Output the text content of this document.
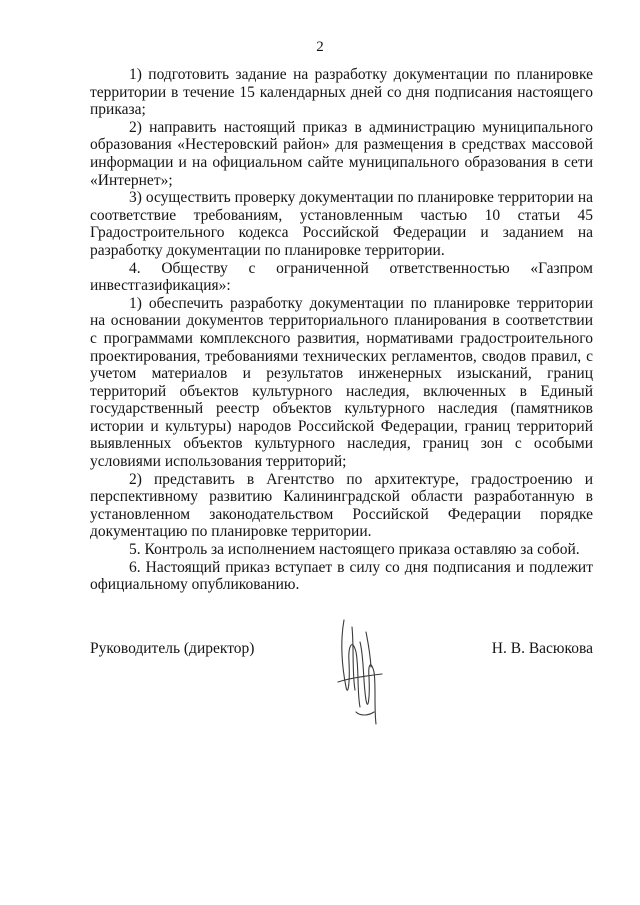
2

1) подготовить задание на разработку документации по планировке территории в течение 15 календарных дней со дня подписания настоящего приказа;

2) направить настоящий приказ в администрацию муниципального образования «Нестеровский район» для размещения в средствах массовой информации и на официальном сайте муниципального образования в сети «Интернет»;

3) осуществить проверку документации по планировке территории на соответствие требованиям, установленным частью 10 статьи 45 Градостроительного кодекса Российской Федерации и заданием на разработку документации по планировке территории.

4. Обществу с ограниченной ответственностью «Газпром инвестгазификация»:

1) обеспечить разработку документации по планировке территории на основании документов территориального планирования в соответствии с программами комплексного развития, нормативами градостроительного проектирования, требованиями технических регламентов, сводов правил, с учетом материалов и результатов инженерных изысканий, границ территорий объектов культурного наследия, включенных в Единый государственный реестр объектов культурного наследия (памятников истории и культуры) народов Российской Федерации, границ территорий выявленных объектов культурного наследия, границ зон с особыми условиями использования территорий;

2) представить в Агентство по архитектуре, градостроению и перспективному развитию Калининградской области разработанную в установленном законодательством Российской Федерации порядке документацию по планировке территории.

5. Контроль за исполнением настоящего приказа оставляю за собой.

6. Настоящий приказ вступает в силу со дня подписания и подлежит официальному опубликованию.

Руководитель (директор)	Н. В. Васюкова
